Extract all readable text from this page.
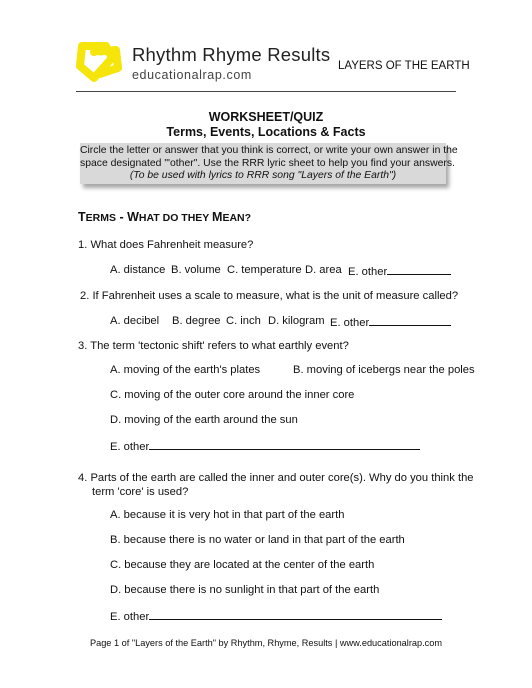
Rhythm Rhyme Results
educationalrap.com
LAYERS OF THE EARTH
WORKSHEET/QUIZ
Terms, Events, Locations & Facts
Circle the letter or answer that you think is correct, or write your own answer in the
space designated "'other". Use the RRR lyric sheet to help you find your answers.
(To be used with lyrics to RRR song "Layers of the Earth")
TERMS - WHAT DO THEY MEAN?
1. What does Fahrenheit measure?
A. distance B. volume C. temperature D. area E. other
2. If Fahrenheit uses a scale to measure, what is the unit of measure called?
A. decibel B. degree C. inch D. kilogram E. other
3. The term 'tectonic shift' refers to what earthly event?
A. moving of the earth's plates	B. moving of icebergs near the poles
C. moving of the outer core around the inner core
D. moving of the earth around the sun
E. other
4. Parts of the earth are called the inner and outer core(s). Why do you think the
term 'core' is used?
A. because it is very hot in that part of the earth
B. because there is no water or land in that part of the earth
C. because they are located at the center of the earth
D. because there is no sunlight in that part of the earth
E. other
Page 1 of "Layers of the Earth" by Rhythm, Rhyme, Results | www.educationalrap.com
